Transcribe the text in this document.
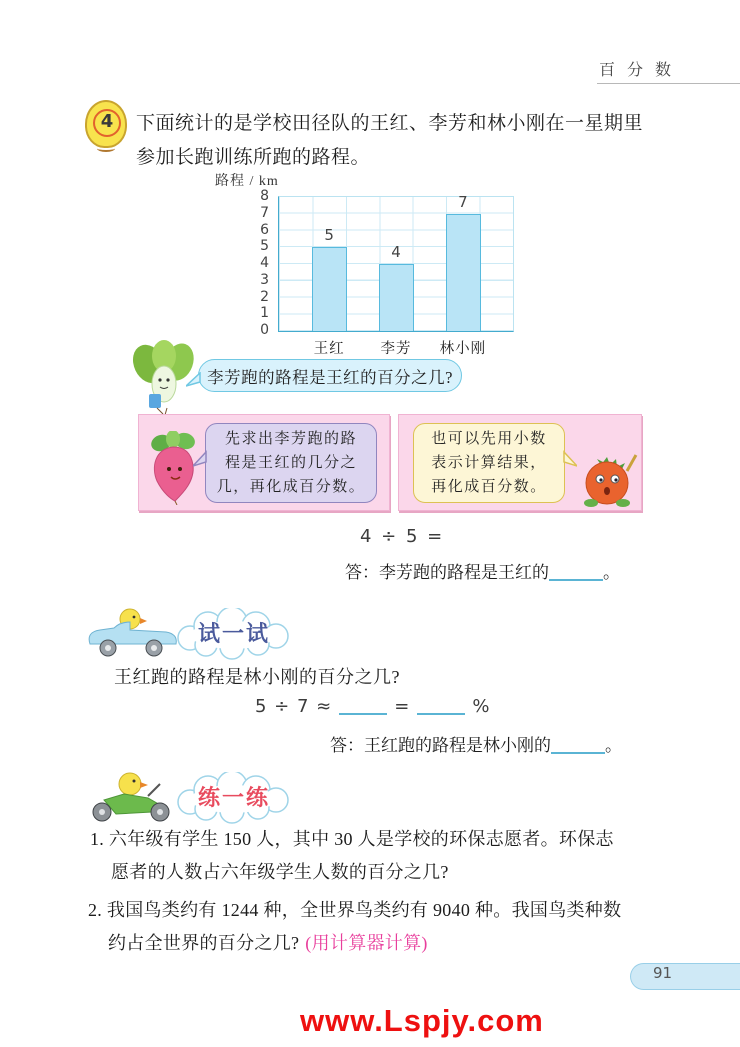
百 分 数
4	下面统计的是学校田径队的王红、李芳和林小刚在一星期里
参加长跑训练所跑的路程。
路程 / km
0
1
2
3
4
5
6
7
8
5
王红
4
李芳
7
林小刚
李芳跑的路程是王红的百分之几?
先求出李芳跑的路
程是王红的几分之
几，再化成百分数。
也可以先用小数
表示计算结果，
再化成百分数。
4 ÷ 5 =
答：李芳跑的路程是王红的	。
试一试
王红跑的路程是林小刚的百分之几?
5 ÷ 7 ≈	=	%
答：王红跑的路程是林小刚的	。
练一练
1. 六年级有学生 150 人，其中 30 人是学校的环保志愿者。环保志
愿者的人数占六年级学生人数的百分之几?
2. 我国鸟类约有 1244 种，全世界鸟类约有 9040 种。我国鸟类种数
约占全世界的百分之几? (用计算器计算)
91
www.Lspjy.com
